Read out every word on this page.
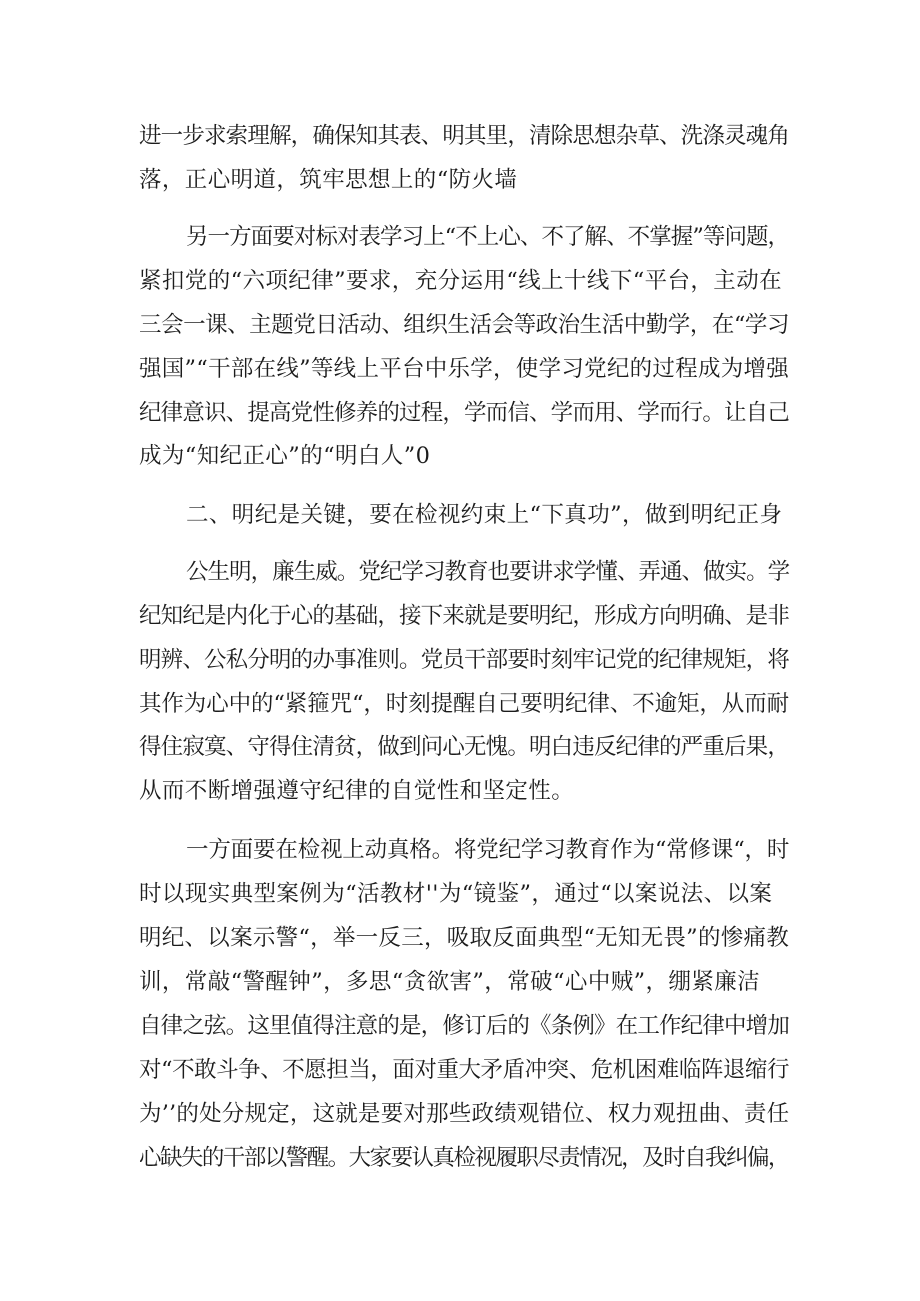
进一步求索理解，确保知其表、明其里，清除思想杂草、洗涤灵魂角
落，正心明道，筑牢思想上的“防火墙
另一方面要对标对表学习上“不上心、不了解、不掌握”等问题，
紧扣党的“六项纪律”要求，充分运用“线上十线下“平台，主动在
三会一课、主题党日活动、组织生活会等政治生活中勤学，在“学习
强国”“干部在线”等线上平台中乐学，使学习党纪的过程成为增强
纪律意识、提高党性修养的过程，学而信、学而用、学而行。让自己
成为“知纪正心”的“明白人”0
二、明纪是关键，要在检视约束上“下真功”，做到明纪正身
公生明，廉生威。党纪学习教育也要讲求学懂、弄通、做实。学
纪知纪是内化于心的基础，接下来就是要明纪，形成方向明确、是非
明辨、公私分明的办事准则。党员干部要时刻牢记党的纪律规矩，将
其作为心中的“紧箍咒“，时刻提醒自己要明纪律、不逾矩，从而耐
得住寂寞、守得住清贫，做到问心无愧。明白违反纪律的严重后果，
从而不断增强遵守纪律的自觉性和坚定性。
一方面要在检视上动真格。将党纪学习教育作为“常修课“，时
时以现实典型案例为“活教材''为“镜鉴”，通过“以案说法、以案
明纪、以案示警“，举一反三，吸取反面典型“无知无畏”的惨痛教
训，常敲“警醒钟”，多思“贪欲害”，常破“心中贼”，绷紧廉洁
自律之弦。这里值得注意的是，修订后的《条例》在工作纪律中增加
对“不敢斗争、不愿担当，面对重大矛盾冲突、危机困难临阵退缩行
为’’的处分规定，这就是要对那些政绩观错位、权力观扭曲、责任
心缺失的干部以警醒。大家要认真检视履职尽责情况，及时自我纠偏，
